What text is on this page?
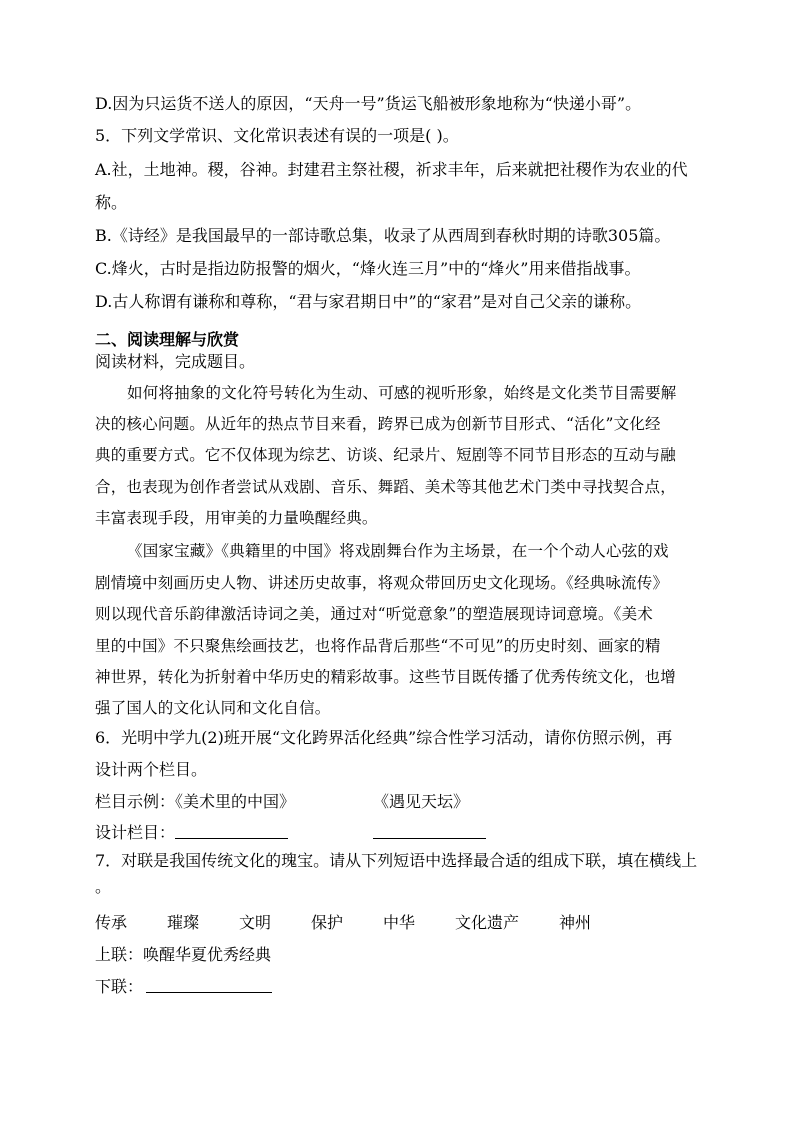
D.因为只运货不送人的原因，“天舟一号”货运飞船被形象地称为“快递小哥”。
5．下列文学常识、文化常识表述有误的一项是( )。
A.社，土地神。稷，谷神。封建君主祭社稷，祈求丰年，后来就把社稷作为农业的代
称。
B.《诗经》是我国最早的一部诗歌总集，收录了从西周到春秋时期的诗歌305篇。
C.烽火，古时是指边防报警的烟火，“烽火连三月”中的“烽火”用来借指战事。
D.古人称谓有谦称和尊称，“君与家君期日中”的“家君”是对自己父亲的谦称。
二、阅读理解与欣赏
阅读材料，完成题目。
如何将抽象的文化符号转化为生动、可感的视听形象，始终是文化类节目需要解
决的核心问题。从近年的热点节目来看，跨界已成为创新节目形式、“活化”文化经
典的重要方式。它不仅体现为综艺、访谈、纪录片、短剧等不同节目形态的互动与融
合，也表现为创作者尝试从戏剧、音乐、舞蹈、美术等其他艺术门类中寻找契合点，
丰富表现手段，用审美的力量唤醒经典。
《国家宝藏》《典籍里的中国》将戏剧舞台作为主场景，在一个个动人心弦的戏
剧情境中刻画历史人物、讲述历史故事，将观众带回历史文化现场。《经典咏流传》
则以现代音乐韵律激活诗词之美，通过对“听觉意象”的塑造展现诗词意境。《美术
里的中国》不只聚焦绘画技艺，也将作品背后那些“不可见”的历史时刻、画家的精
神世界，转化为折射着中华历史的精彩故事。这些节目既传播了优秀传统文化，也增
强了国人的文化认同和文化自信。
6．光明中学九(2)班开展“文化跨界活化经典”综合性学习活动，请你仿照示例，再
设计两个栏目。
栏目示例：《美术里的中国》	《遇见天坛》
设计栏目：
7．对联是我国传统文化的瑰宝。请从下列短语中选择最合适的组成下联，填在横线上
。
传承 璀璨 文明 保护 中华 文化遗产 神州
上联：唤醒华夏优秀经典
下联：
